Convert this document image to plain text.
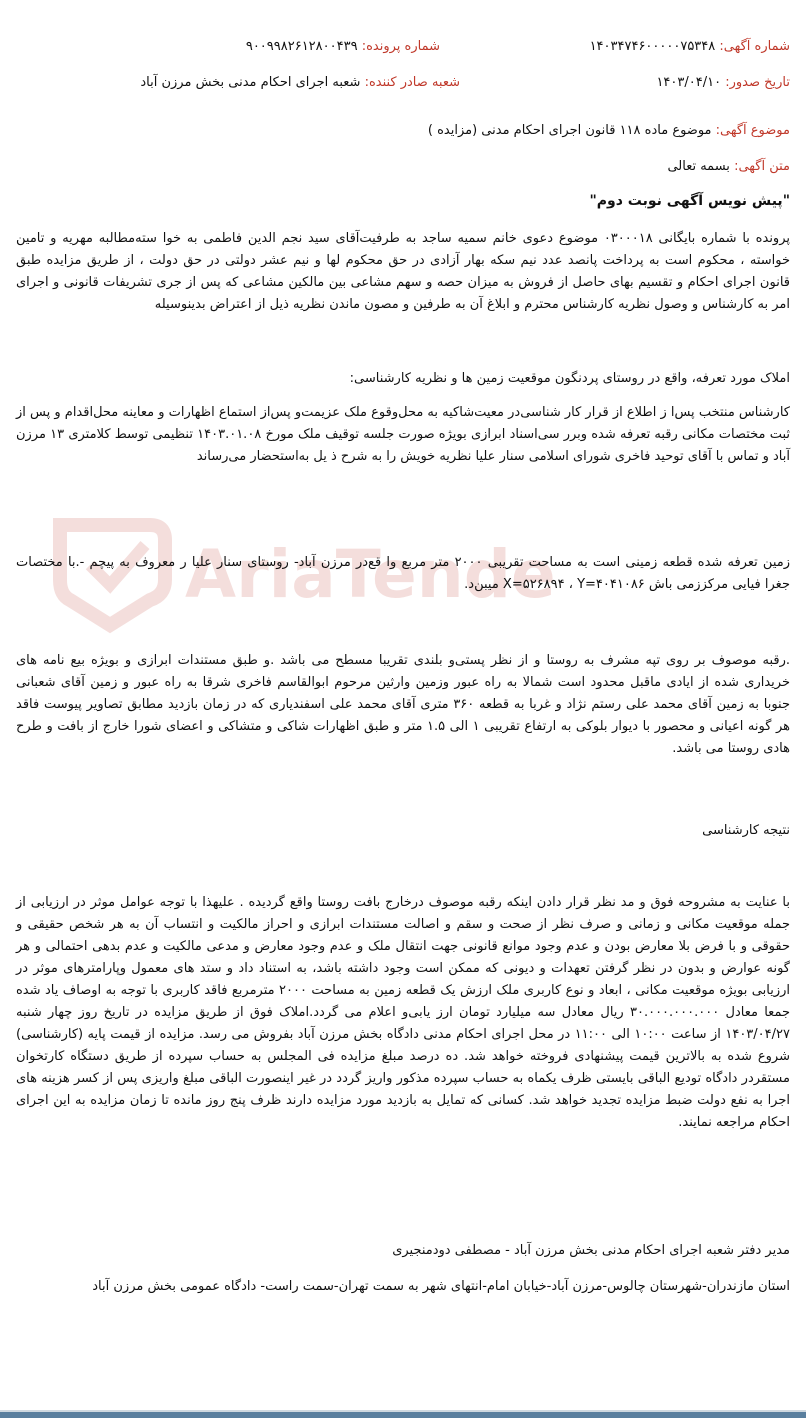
AriaTende
شماره آگهی: ۱۴۰۳۴۷۴۶۰۰۰۰۰۷۵۳۴۸
شماره پرونده: ۹۰۰۹۹۸۲۶۱۲۸۰۰۴۳۹
تاریخ صدور: ۱۴۰۳/۰۴/۱۰
شعبه صادر کننده: شعبه اجرای احکام مدنی بخش مرزن آباد
موضوع آگهی: موضوع ماده ۱۱۸ قانون اجرای احکام مدنی (مزایده )
متن آگهی: بسمه تعالی
"پیش نویس آگهی نوبت دوم"
پرونده با شماره بایگانی ۰۳۰۰۰۱۸ موضوع دعوی خانم سمیه ساجد به طرفیت‌آقای سید نجم الدین فاطمی به خوا سته‌مطالبه مهریه و تامین خواسته ، محکوم است به پرداخت پانصد عدد نیم سکه بهار آزادی در حق محکوم لها و نیم عشر دولتی در حق دولت ، از طریق مزایده طبق قانون اجرای احکام و تقسیم بهای حاصل از فروش به میزان حصه و سهم مشاعی بین مالکین مشاعی که پس از جری تشریفات قانونی و اجرای امر به کارشناس و وصول نظریه کارشناس محترم و ابلاغ آن به طرفین و مصون ماندن نظریه ذیل از اعتراض بدینوسیله
املاک مورد تعرفه، واقع در روستای پردنگون موقعیت زمین ها و نظریه کارشناسی:
کارشناس منتخب پس‌ا ز اطلاع از قرار کار شناسی‌در معیت‌شاکیه به محل‌وقوع ملک عزیمت‌و پس‌از استماع اظهارات و معاینه محل‌اقدام و پس از ثبت مختصات مکانی رقبه تعرفه شده وبرر سی‌اسناد ابرازی بویژه صورت جلسه توقیف ملک مورخ ۱۴۰۳.۰۱.۰۸ تنظیمی توسط کلامتری ۱۳ مرزن آباد و تماس با آقای توحید فاخری شورای اسلامی سنار علیا نظریه خویش را به شرح ذ یل به‌استحضار می‌ر‌ساند
زمین تعرفه شده قطعه زمینی است به مساحت تقریبی ۲۰۰۰ متر مربع وا قع‌در مرزن آباد- روستای سنار علیا ر معروف به پیچم -.با مختصات جغرا فیایی مرکززمی باش X=۵۲۶۸۹۴ ، Y=۴۰۴۱۰۸۶ میبن‌د.
.رقبه موصوف بر روی تپه مشرف به روستا و از نظر پستی‌و بلندی تقریبا مسطح می باشد .و طبق مستندات ابرازی و بویژه بیع نامه های خریداری شده از ایادی ماقبل محدود است شمالا به راه عبور وزمین وارثین مرحوم ابوالقاسم فاخری شرقا به راه عبور و زمین آقای شعبانی جنوبا به زمین آقای محمد علی رستم نژاد و غربا به قطعه ۳۶۰ متری آقای محمد علی اسفندیاری که در زمان بازدید مطابق تصاویر پیوست فاقد هر گونه اعیانی و محصور با دیوار بلوکی به ارتفاع تقریبی ۱ الی ۱.۵ متر و طبق اظهارات شاکی و متشاکی و اعضای شورا خارج از بافت و طرح هادی روستا می باشد.
نتیجه کارشناسی
با عنایت به مشروحه فوق و مد نظر قرار دادن اینکه رقبه موصوف درخارج بافت روستا واقع گردیده . علیهذا با توجه عوامل موثر در ارزیابی از جمله موقعیت مکانی و زمانی و صرف نظر از صحت و سقم و اصالت مستندات ابرازی و احراز مالکیت و انتساب آن به هر شخص حقیقی و حقوقی و با فرض بلا معارض بودن و عدم وجود موانع قانونی جهت انتقال ملک و عدم وجود معارض و مدعی مالکیت و عدم بدهی احتمالی و هر گونه عوارض و بدون در نظر گرفتن تعهدات و دیونی که ممکن است وجود داشته باشد، به استناد داد و ستد های معمول وپارامترهای موثر در ارزیابی بویژه موقعیت مکانی ، ابعاد و نوع کاربری ملک ارزش یک قطعه زمین به مساحت ۲۰۰۰ مترمربع فاقد کاربری با توجه به اوصاف یاد شده جمعا معادل ۳۰.۰۰۰.۰۰۰.۰۰۰ ریال معادل سه میلیارد تومان ارز یابی‌و اعلام می گردد.املاک فوق از طریق مزایده در تاریخ روز چهار شنبه ۱۴۰۳/۰۴/۲۷ از ساعت ۱۰:۰۰ الی ۱۱:۰۰ در محل اجرای احکام مدنی دادگاه بخش مرزن آباد بفروش می رسد. مزایده از قیمت پایه (کارشناسی) شروع شده به بالاترین قیمت پیشنهادی فروخته خواهد شد. ده درصد مبلغ مزایده فی المجلس به حساب سپرده از طریق دستگاه کارتخوان مستقردر دادگاه تودیع الباقی بایستی ظرف یکماه به حساب سپرده مذکور واریز گردد در غیر اینصورت الباقی مبلغ واریزی پس از کسر هزینه های اجرا به نفع دولت ضبط مزایده تجدید خواهد شد. کسانی که تمایل به بازدید مورد مزایده دارند ظرف پنج روز مانده تا زمان مزایده به این اجرای احکام مراجعه نمایند.
مدیر دفتر شعبه اجرای احکام مدنی بخش مرزن آباد - مصطفی دودمنجیری
استان مازندران-شهرستان چالوس-مرزن آباد-خیابان امام-انتهای شهر به سمت تهران-سمت راست- دادگاه عمومی بخش مرزن آباد
